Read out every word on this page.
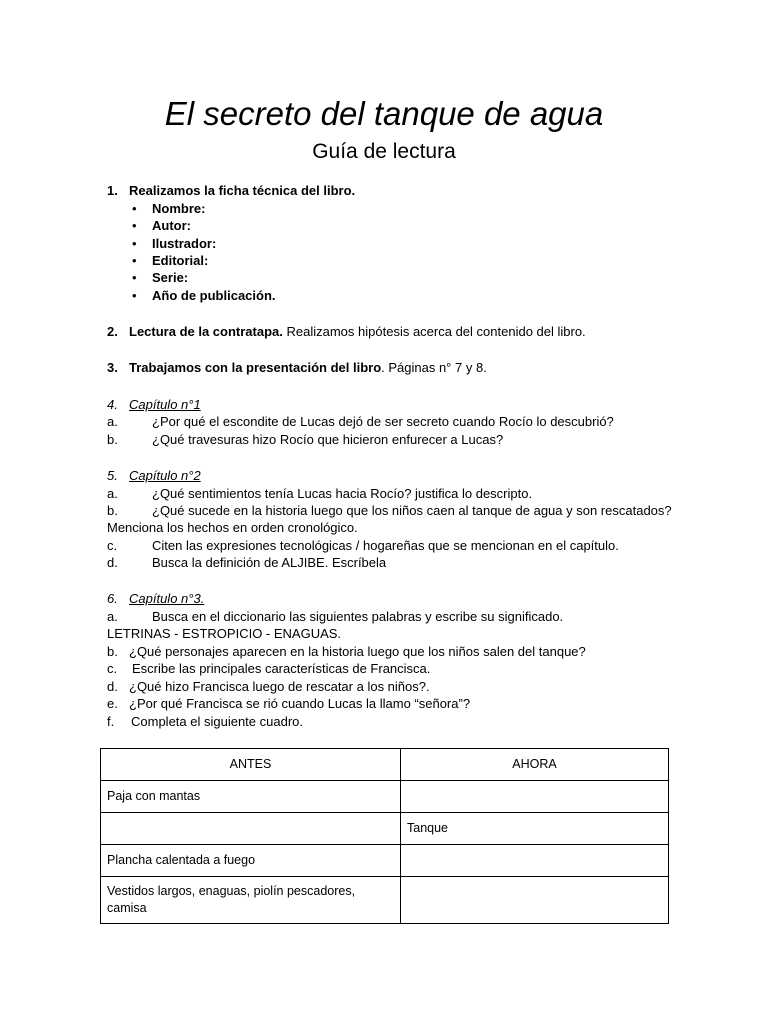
El secreto del tanque de agua
Guía de lectura
1. Realizamos la ficha técnica del libro.
• Nombre:
• Autor:
• Ilustrador:
• Editorial:
• Serie:
• Año de publicación.
2. Lectura de la contratapa. Realizamos hipótesis acerca del contenido del libro.
3. Trabajamos con la presentación del libro. Páginas n° 7 y 8.
4. Capítulo n°1
a.	¿Por qué el escondite de Lucas dejó de ser secreto cuando Rocío lo descubrió?
b.	¿Qué travesuras hizo Rocío que hicieron enfurecer a Lucas?
5. Capítulo n°2
a.	¿Qué sentimientos tenía Lucas hacia Rocío? justifica lo descripto.
b.	¿Qué sucede en la historia luego que los niños caen al tanque de agua y son rescatados?
Menciona los hechos en orden cronológico.
c.	Citen las expresiones tecnológicas / hogareñas que se mencionan en el capítulo.
d.	Busca la definición de ALJIBE. Escríbela
6. Capítulo n°3.
a.	Busca en el diccionario las siguientes palabras y escribe su significado.
LETRINAS - ESTROPICIO - ENAGUAS.
b. ¿Qué personajes aparecen en la historia luego que los niños salen del tanque?
c. Escribe las principales características de Francisca.
d. ¿Qué hizo Francisca luego de rescatar a los niños?.
e. ¿Por qué Francisca se rió cuando Lucas la llamo “señora”?
f. Completa el siguiente cuadro.
ANTES	AHORA
Paja con mantas	
	Tanque
Plancha calentada a fuego	
Vestidos largos, enaguas, piolín pescadores, camisa	
